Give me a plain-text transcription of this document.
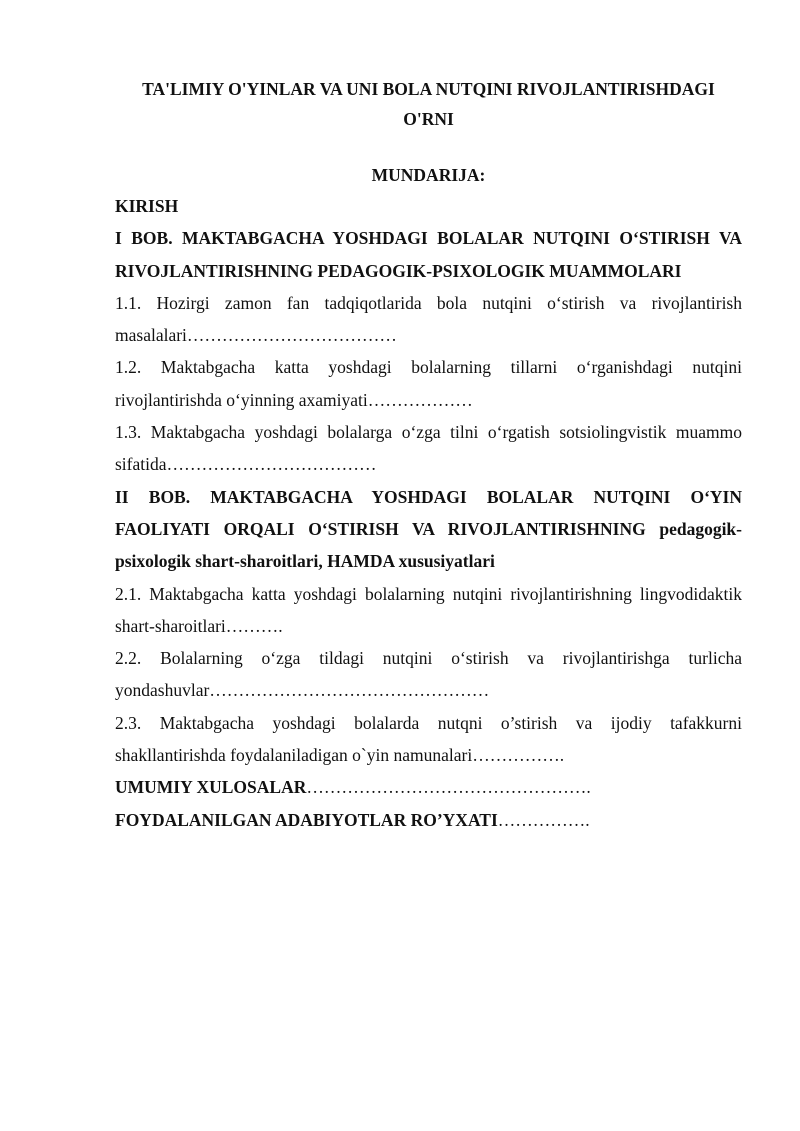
TA'LIMIY O'YINLAR VA UNI BOLA NUTQINI RIVOJLANTIRISHDAGI O'RNI

MUNDARIJA:

KIRISH

I BOB. MAKTABGACHA YOSHDAGI BOLALAR NUTQINI O‘STIRISH VA RIVOJLANTIRISHNING PEDAGOGIK-PSIXOLOGIK MUAMMOLARI

1.1. Hozirgi zamon fan tadqiqotlarida bola nutqini o‘stirish va rivojlantirish masalalari………………………………

1.2. Maktabgacha katta yoshdagi bolalarning tillarni o‘rganishdagi nutqini rivojlantirishda o‘yinning axamiyati………………

1.3. Maktabgacha yoshdagi bolalarga o‘zga tilni o‘rgatish sotsiolingvistik muammo sifatida………………………………

II BOB. MAKTABGACHA YOSHDAGI BOLALAR NUTQINI O‘YIN FAOLIYATI ORQALI O‘STIRISH VA RIVOJLANTIRISHNING pedagogik-psixologik shart-sharoitlari, HAMDA xususiyatlari

2.1. Maktabgacha katta yoshdagi bolalarning nutqini rivojlantirishning lingvodidaktik shart-sharoitlari……….

2.2. Bolalarning o‘zga tildagi nutqini o‘stirish va rivojlantirishga turlicha yondashuvlar…………………………………………

2.3. Maktabgacha yoshdagi bolalarda nutqni o’stirish va ijodiy tafakkurni shakllantirishda foydalaniladigan o`yin namunalari…………….

UMUMIY XULOSALAR………………………………………….

FOYDALANILGAN ADABIYOTLAR RO’YXATI…………….
